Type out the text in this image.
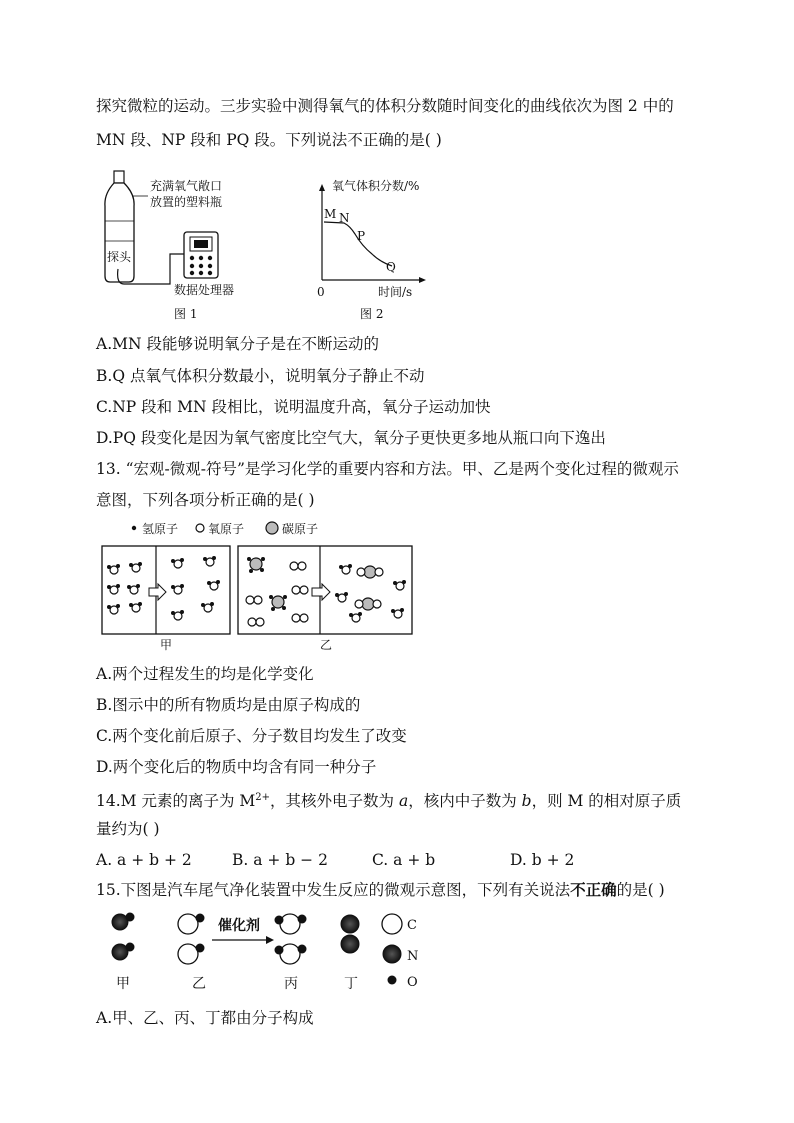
探究微粒的运动。三步实验中测得氧气的体积分数随时间变化的曲线依次为图 2 中的
MN 段、NP 段和 PQ 段。下列说法不正确的是( )
充满氧气敞口
放置的塑料瓶
探头
数据处理器
图 1
氧气体积分数/%
M N
P
Q
0	时间/s
图 2
A.MN 段能够说明氧分子是在不断运动的
B.Q 点氧气体积分数最小，说明氧分子静止不动
C.NP 段和 MN 段相比，说明温度升高，氧分子运动加快
D.PQ 段变化是因为氧气密度比空气大，氧分子更快更多地从瓶口向下逸出
13. “宏观-微观-符号”是学习化学的重要内容和方法。甲、乙是两个变化过程的微观示
意图，下列各项分析正确的是( )
氢原子 氧原子	碳原子
甲	乙
A.两个过程发生的均是化学变化
B.图示中的所有物质均是由原子构成的
C.两个变化前后原子、分子数目均发生了改变
D.两个变化后的物质中均含有同一种分子
14.M 元素的离子为 $M^{2+}$，其核外电子数为 a，核内中子数为 b，则 M 的相对原子质
量约为( )
A. a + b + 2	B. a + b − 2	C. a + b	D. b + 2
15.下图是汽车尾气净化装置中发生反应的微观示意图，下列有关说法不正确的是( )
催化剂	C
N
O
甲	乙	丙	丁
A.甲、乙、丙、丁都由分子构成
